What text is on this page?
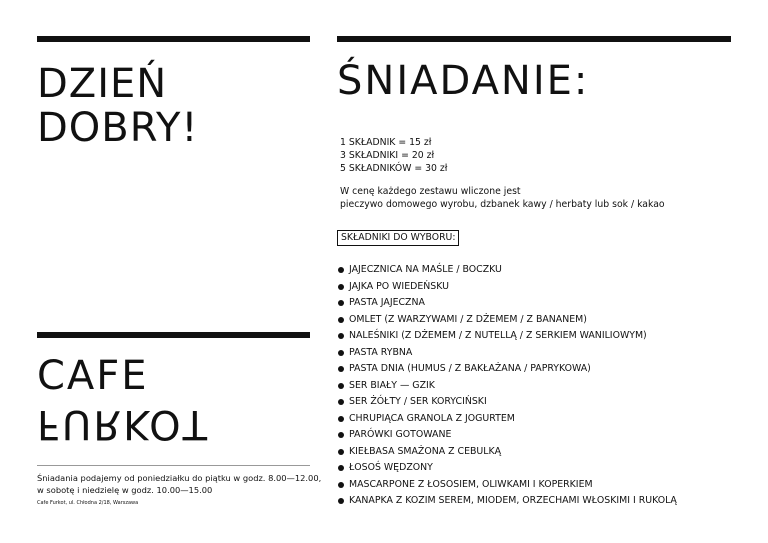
DZIEŃ
DOBRY!
CAFE
FURKOT
Śniadania podajemy od poniedziałku do piątku w godz. 8.00—12.00,
w sobotę i niedzielę w godz. 10.00—15.00
Cafe Furkot, ul. Chłodna 2/18, Warszawa
ŚNIADANIE:
1 SKŁADNIK = 15 zł
3 SKŁADNIKI = 20 zł
5 SKŁADNIKÓW = 30 zł
W cenę każdego zestawu wliczone jest
pieczywo domowego wyrobu, dzbanek kawy / herbaty lub sok / kakao
SKŁADNIKI DO WYBORU:
JAJECZNICA NA MAŚLE / BOCZKU
JAJKA PO WIEDEŃSKU
PASTA JAJECZNA
OMLET (Z WARZYWAMI / Z DŻEMEM / Z BANANEM)
NALEŚNIKI (Z DŻEMEM / Z NUTELLĄ / Z SERKIEM WANILIOWYM)
PASTA RYBNA
PASTA DNIA (HUMUS / Z BAKŁAŻANA / PAPRYKOWA)
SER BIAŁY — GZIK
SER ŻÓŁTY / SER KORYCIŃSKI
CHRUPIĄCA GRANOLA Z JOGURTEM
PARÓWKI GOTOWANE
KIEŁBASA SMAŻONA Z CEBULKĄ
ŁOSOŚ WĘDZONY
MASCARPONE Z ŁOSOSIEM, OLIWKAMI I KOPERKIEM
KANAPKA Z KOZIM SEREM, MIODEM, ORZECHAMI WŁOSKIMI I RUKOLĄ
